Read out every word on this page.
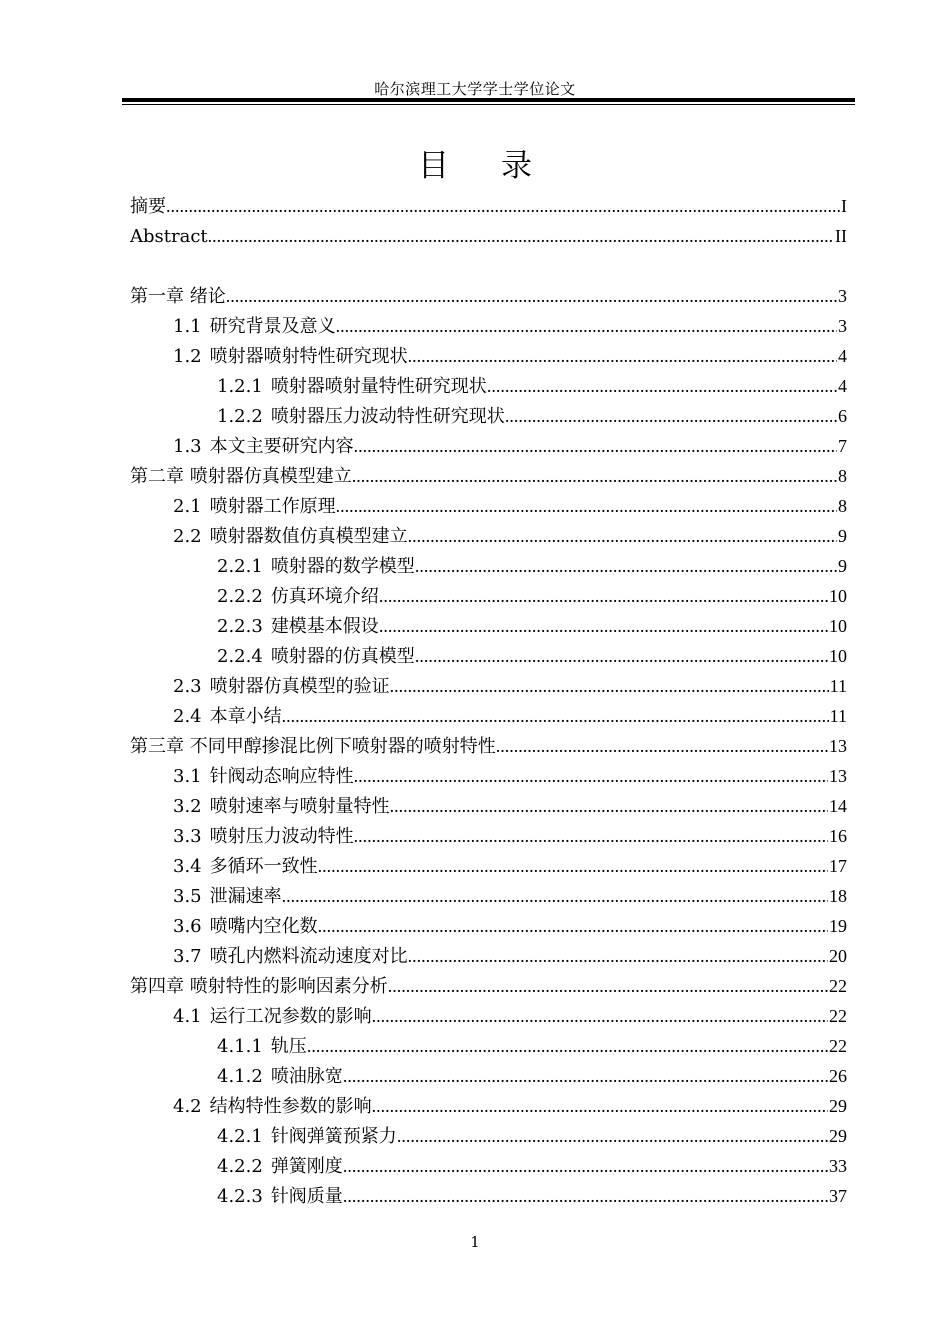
哈尔滨理工大学学士学位论文
目录
摘要 .....	I
Abstract .....	II
第一章 绪论 .....	3
1.1 研究背景及意义 .....	3
1.2 喷射器喷射特性研究现状 .....	4
1.2.1 喷射器喷射量特性研究现状 .....	4
1.2.2 喷射器压力波动特性研究现状 .....	6
1.3 本文主要研究内容 .....	7
第二章 喷射器仿真模型建立 .....	8
2.1 喷射器工作原理 .....	8
2.2 喷射器数值仿真模型建立 .....	9
2.2.1 喷射器的数学模型 .....	9
2.2.2 仿真环境介绍 .....	10
2.2.3 建模基本假设 .....	10
2.2.4 喷射器的仿真模型 .....	10
2.3 喷射器仿真模型的验证 .....	11
2.4 本章小结 .....	11
第三章 不同甲醇掺混比例下喷射器的喷射特性 .....	13
3.1 针阀动态响应特性 .....	13
3.2 喷射速率与喷射量特性 .....	14
3.3 喷射压力波动特性 .....	16
3.4 多循环一致性 .....	17
3.5 泄漏速率 .....	18
3.6 喷嘴内空化数 .....	19
3.7 喷孔内燃料流动速度对比 .....	20
第四章 喷射特性的影响因素分析 .....	22
4.1 运行工况参数的影响 .....	22
4.1.1 轨压 .....	22
4.1.2 喷油脉宽 .....	26
4.2 结构特性参数的影响 .....	29
4.2.1 针阀弹簧预紧力 .....	29
4.2.2 弹簧刚度 .....	33
4.2.3 针阀质量 .....	37
1
